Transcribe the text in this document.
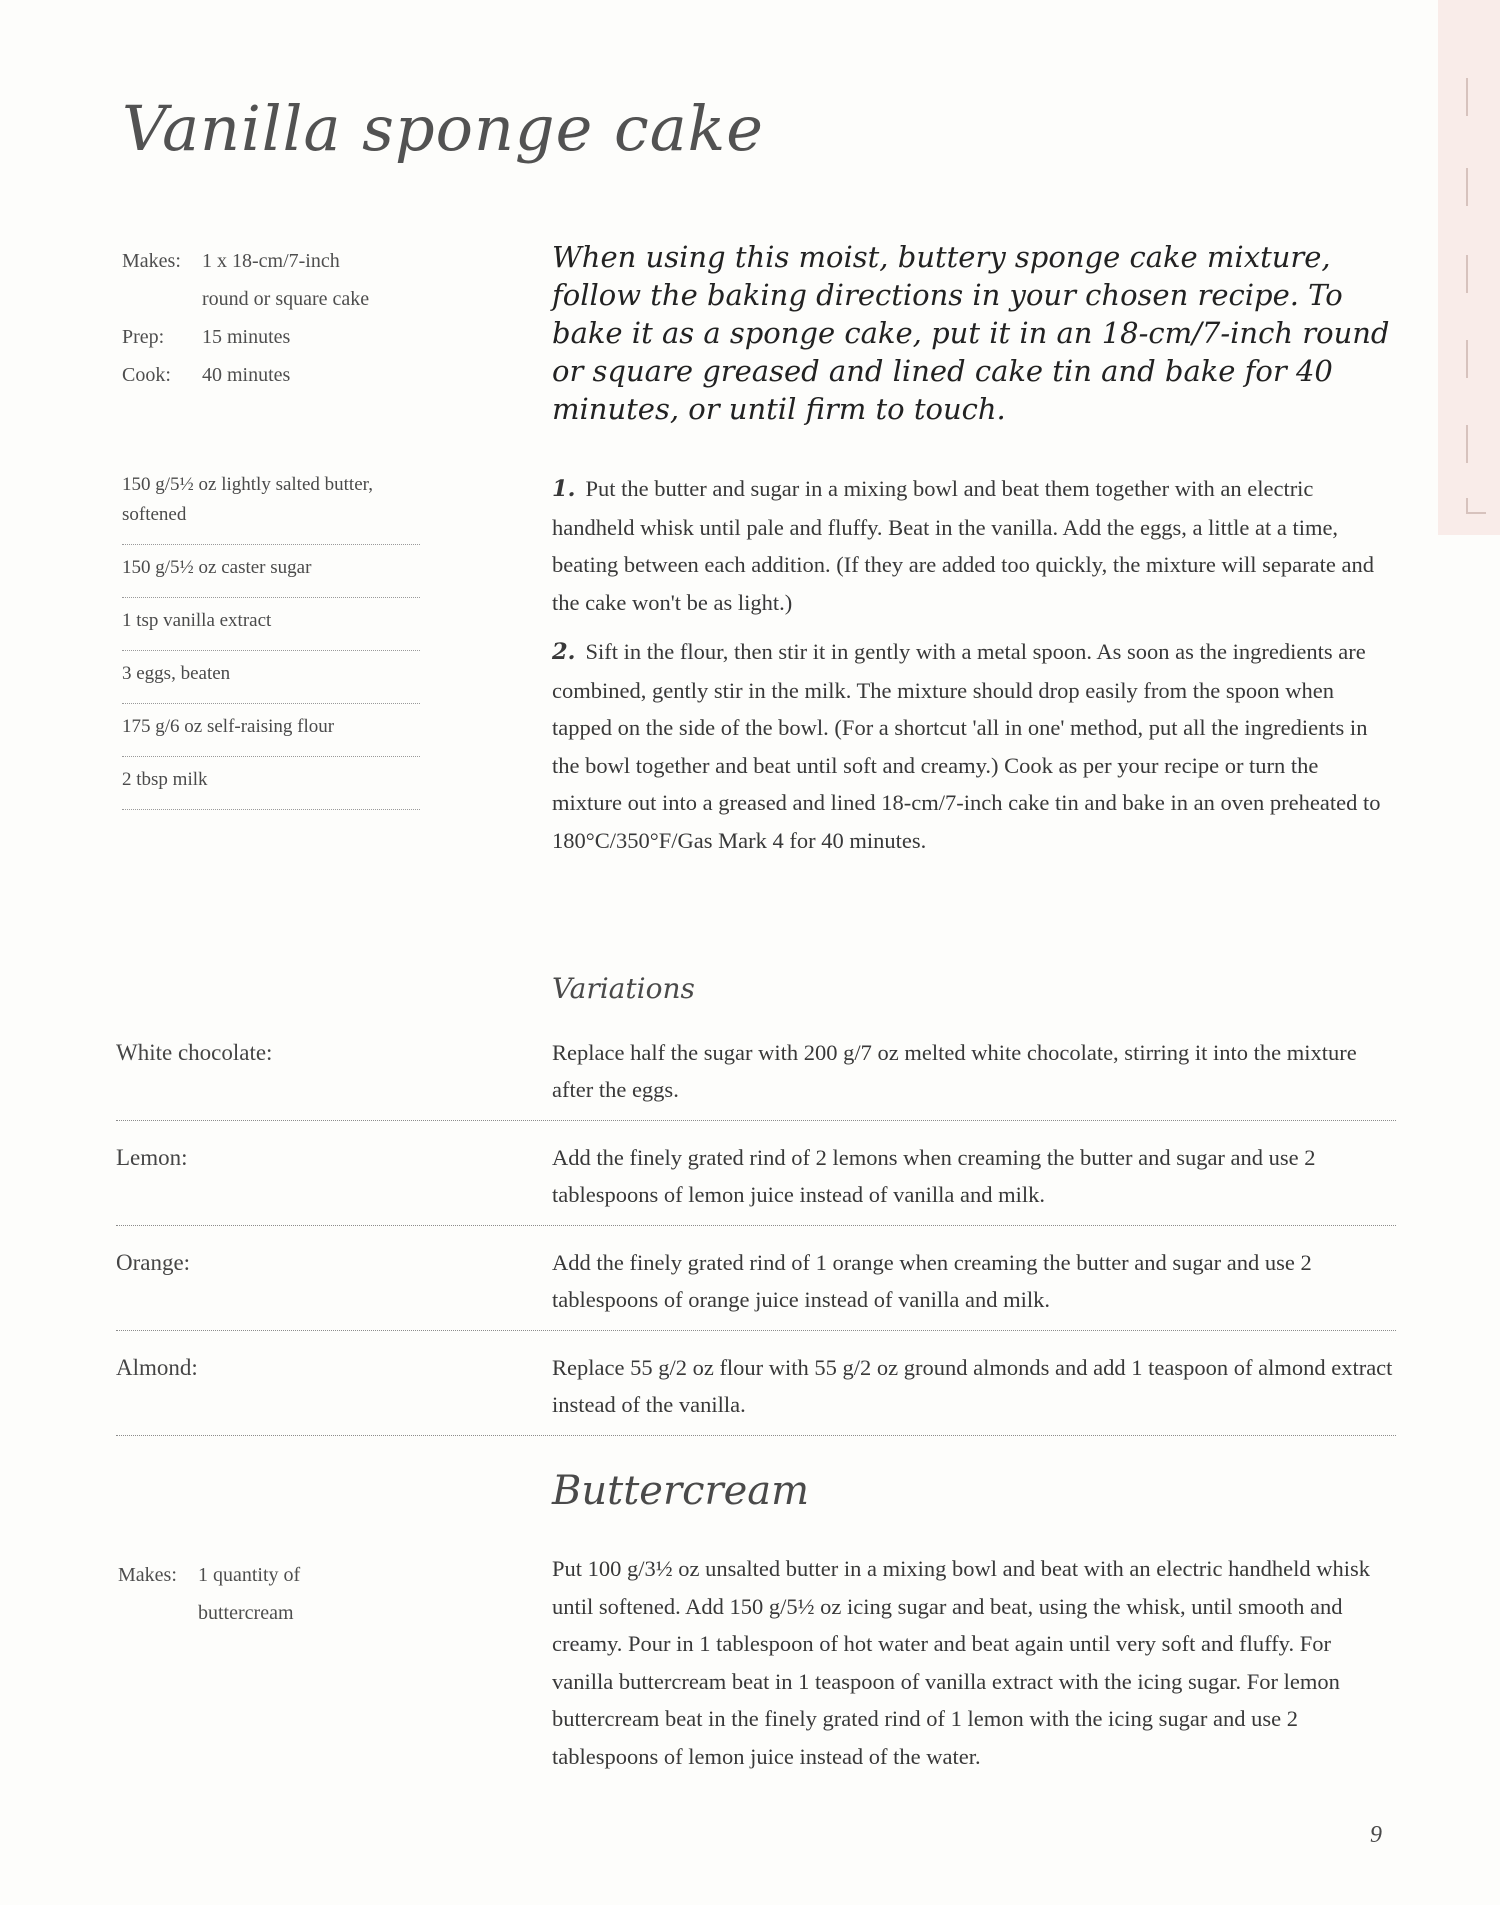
Vanilla sponge cake
Makes:	1 x 18-cm/7-inch
round or square cake
Prep:	15 minutes
Cook:	40 minutes
When using this moist, buttery sponge cake mixture, follow the baking directions in your chosen recipe. To bake it as a sponge cake, put it in an 18-cm/7-inch round or square greased and lined cake tin and bake for 40 minutes, or until firm to touch.
150 g/5½ oz lightly salted butter, softened
150 g/5½ oz caster sugar
1 tsp vanilla extract
3 eggs, beaten
175 g/6 oz self-raising flour
2 tbsp milk

1. Put the butter and sugar in a mixing bowl and beat them together with an electric handheld whisk until pale and fluffy. Beat in the vanilla. Add the eggs, a little at a time, beating between each addition. (If they are added too quickly, the mixture will separate and the cake won't be as light.)

2. Sift in the flour, then stir it in gently with a metal spoon. As soon as the ingredients are combined, gently stir in the milk. The mixture should drop easily from the spoon when tapped on the side of the bowl. (For a shortcut 'all in one' method, put all the ingredients in the bowl together and beat until soft and creamy.) Cook as per your recipe or turn the mixture out into a greased and lined 18-cm/7-inch cake tin and bake in an oven preheated to 180°C/350°F/Gas Mark 4 for 40 minutes.

Variations
White chocolate:	Replace half the sugar with 200 g/7 oz melted white chocolate, stirring it into the mixture after the eggs.
Lemon:	Add the finely grated rind of 2 lemons when creaming the butter and sugar and use 2 tablespoons of lemon juice instead of vanilla and milk.
Orange:	Add the finely grated rind of 1 orange when creaming the butter and sugar and use 2 tablespoons of orange juice instead of vanilla and milk.
Almond:	Replace 55 g/2 oz flour with 55 g/2 oz ground almonds and add 1 teaspoon of almond extract instead of the vanilla.
Buttercream
Makes:	1 quantity of
buttercream
Put 100 g/3½ oz unsalted butter in a mixing bowl and beat with an electric handheld whisk until softened. Add 150 g/5½ oz icing sugar and beat, using the whisk, until smooth and creamy. Pour in 1 tablespoon of hot water and beat again until very soft and fluffy. For vanilla buttercream beat in 1 teaspoon of vanilla extract with the icing sugar. For lemon buttercream beat in the finely grated rind of 1 lemon with the icing sugar and use 2 tablespoons of lemon juice instead of the water.
9
